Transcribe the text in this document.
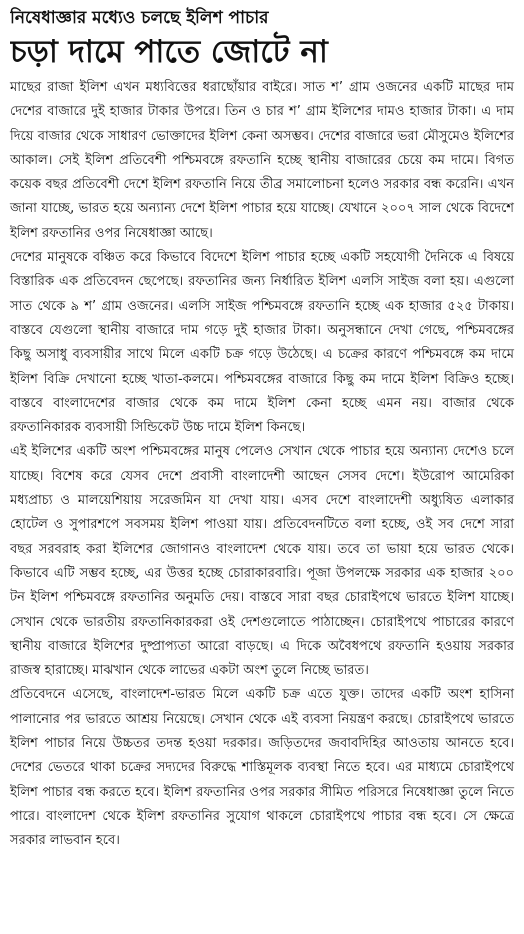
নিষেধাজ্ঞার মধ্যেও চলছে ইলিশ পাচার
চড়া দামে পাতে জোটে না

মাছের রাজা ইলিশ এখন মধ্যবিত্তের ধরাছোঁয়ার বাইরে। সাত শ’ গ্রাম ওজনের একটি মাছের দাম দেশের বাজারে দুই হাজার টাকার উপরে। তিন ও চার শ’ গ্রাম ইলিশের দামও হাজার টাকা। এ দাম দিয়ে বাজার থেকে সাধারণ ভোক্তাদের ইলিশ কেনা অসম্ভব। দেশের বাজারে ভরা মৌসুমেও ইলিশের আকাল। সেই ইলিশ প্রতিবেশী পশ্চিমবঙ্গে রফতানি হচ্ছে স্থানীয় বাজারের চেয়ে কম দামে। বিগত কয়েক বছর প্রতিবেশী দেশে ইলিশ রফতানি নিয়ে তীব্র সমালোচনা হলেও সরকার বন্ধ করেনি। এখন জানা যাচ্ছে, ভারত হয়ে অন্যান্য দেশে ইলিশ পাচার হয়ে যাচ্ছে। যেখানে ২০০৭ সাল থেকে বিদেশে ইলিশ রফতানির ওপর নিষেধাজ্ঞা আছে।

দেশের মানুষকে বঞ্চিত করে কিভাবে বিদেশে ইলিশ পাচার হচ্ছে একটি সহযোগী দৈনিকে এ বিষয়ে বিস্তারিক এক প্রতিবেদন ছেপেছে। রফতানির জন্য নির্ধারিত ইলিশ এলসি সাইজ বলা হয়। এগুলো সাত থেকে ৯ শ’ গ্রাম ওজনের। এলসি সাইজ পশ্চিমবঙ্গে রফতানি হচ্ছে এক হাজার ৫২৫ টাকায়। বাস্তবে যেগুলো স্থানীয় বাজারে দাম গড়ে দুই হাজার টাকা। অনুসন্ধানে দেখা গেছে, পশ্চিমবঙ্গের কিছু অসাধু ব্যবসায়ীর সাথে মিলে একটি চক্র গড়ে উঠেছে। এ চক্রের কারণে পশ্চিমবঙ্গে কম দামে ইলিশ বিক্রি দেখানো হচ্ছে খাতা-কলমে। পশ্চিমবঙ্গের বাজারে কিছু কম দামে ইলিশ বিক্রিও হচ্ছে। বাস্তবে বাংলাদেশের বাজার থেকে কম দামে ইলিশ কেনা হচ্ছে এমন নয়। বাজার থেকে রফতানিকারক ব্যবসায়ী সিন্ডিকেট উচ্চ দামে ইলিশ কিনছে।

এই ইলিশের একটি অংশ পশ্চিমবঙ্গের মানুষ পেলেও সেখান থেকে পাচার হয়ে অন্যান্য দেশেও চলে যাচ্ছে। বিশেষ করে যেসব দেশে প্রবাসী বাংলাদেশী আছেন সেসব দেশে। ইউরোপ আমেরিকা মধ্যপ্রাচ্য ও মালয়েশিয়ায় সরেজমিন যা দেখা যায়। এসব দেশে বাংলাদেশী অধ্যুষিত এলাকার হোটেল ও সুপারশপে সবসময় ইলিশ পাওয়া যায়। প্রতিবেদনটিতে বলা হচ্ছে, ওই সব দেশে সারা বছর সরবরাহ করা ইলিশের জোগানও বাংলাদেশ থেকে যায়। তবে তা ভায়া হয়ে ভারত থেকে। কিভাবে এটি সম্ভব হচ্ছে, এর উত্তর হচ্ছে চোরাকারবারি। পূজা উপলক্ষে সরকার এক হাজার ২০০ টন ইলিশ পশ্চিমবঙ্গে রফতানির অনুমতি দেয়। বাস্তবে সারা বছর চোরাইপথে ভারতে ইলিশ যাচ্ছে। সেখান থেকে ভারতীয় রফতানিকারকরা ওই দেশগুলোতে পাঠাচ্ছেন। চোরাইপথে পাচারের কারণে স্থানীয় বাজারে ইলিশের দুষ্প্রাপ্যতা আরো বাড়ছে। এ দিকে অবৈধপথে রফতানি হওয়ায় সরকার রাজস্ব হারাচ্ছে। মাঝখান থেকে লাভের একটা অংশ তুলে নিচ্ছে ভারত।

প্রতিবেদনে এসেছে, বাংলাদেশ-ভারত মিলে একটি চক্র এতে যুক্ত। তাদের একটি অংশ হাসিনা পালানোর পর ভারতে আশ্রয় নিয়েছে। সেখান থেকে এই ব্যবসা নিয়ন্ত্রণ করছে। চোরাইপথে ভারতে ইলিশ পাচার নিয়ে উচ্চতর তদন্ত হওয়া দরকার। জড়িতদের জবাবদিহির আওতায় আনতে হবে। দেশের ভেতরে থাকা চক্রের সদ্যদের বিরুদ্ধে শাস্তিমূলক ব্যবস্থা নিতে হবে। এর মাধ্যমে চোরাইপথে ইলিশ পাচার বন্ধ করতে হবে। ইলিশ রফতানির ওপর সরকার সীমিত পরিসরে নিষেধাজ্ঞা তুলে নিতে পারে। বাংলাদেশ থেকে ইলিশ রফতানির সুযোগ থাকলে চোরাইপথে পাচার বন্ধ হবে। সে ক্ষেত্রে সরকার লাভবান হবে।
